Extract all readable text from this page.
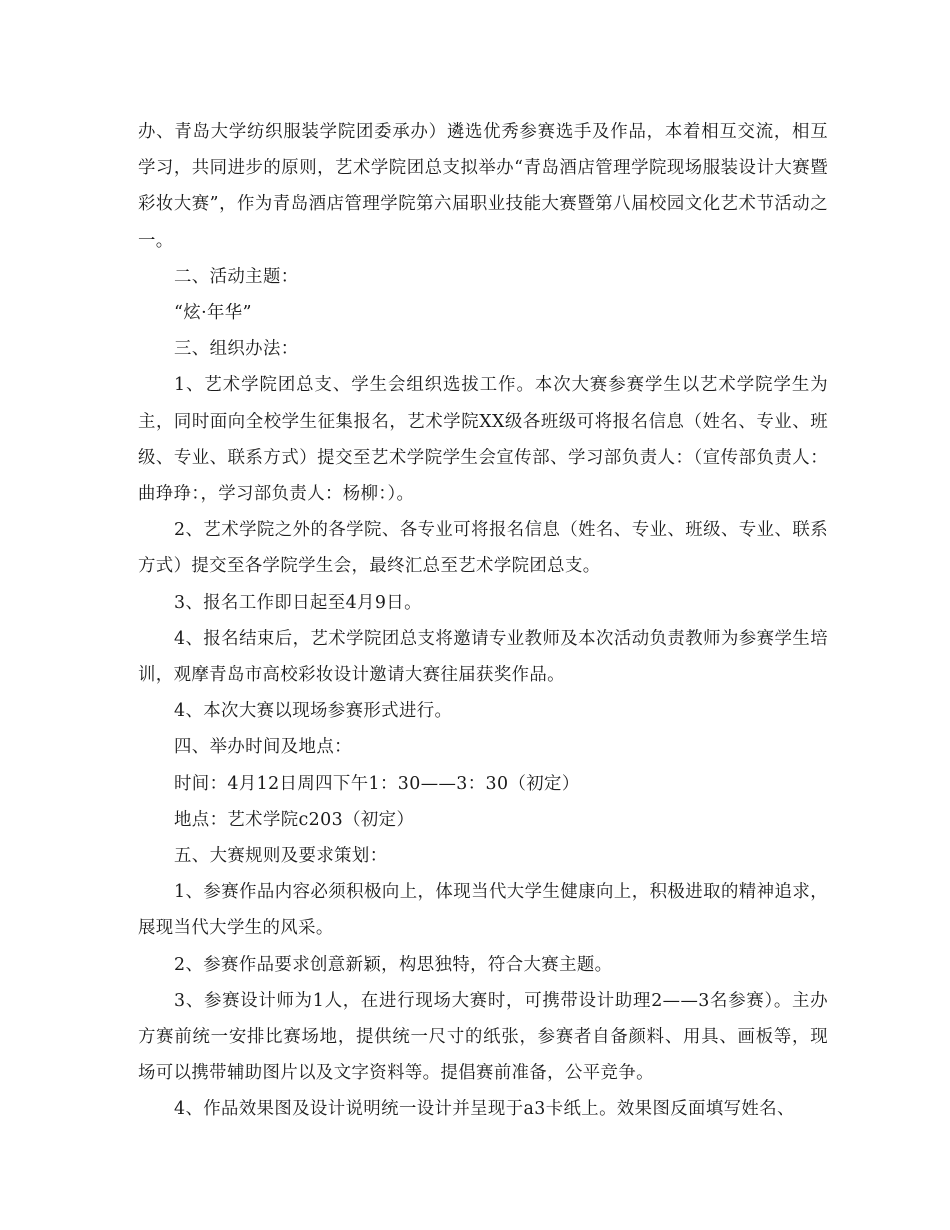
办、青岛大学纺织服装学院团委承办）遴选优秀参赛选手及作品，本着相互交流，相互学习，共同进步的原则，艺术学院团总支拟举办“青岛酒店管理学院现场服装设计大赛暨彩妆大赛”，作为青岛酒店管理学院第六届职业技能大赛暨第八届校园文化艺术节活动之一。

二、活动主题：

“炫·年华”

三、组织办法：

1、艺术学院团总支、学生会组织选拔工作。本次大赛参赛学生以艺术学院学生为主，同时面向全校学生征集报名，艺术学院XX级各班级可将报名信息（姓名、专业、班级、专业、联系方式）提交至艺术学院学生会宣传部、学习部负责人：（宣传部负责人：曲琤琤：，学习部负责人：杨柳：）。

2、艺术学院之外的各学院、各专业可将报名信息（姓名、专业、班级、专业、联系方式）提交至各学院学生会，最终汇总至艺术学院团总支。

3、报名工作即日起至4月9日。

4、报名结束后，艺术学院团总支将邀请专业教师及本次活动负责教师为参赛学生培训，观摩青岛市高校彩妆设计邀请大赛往届获奖作品。

4、本次大赛以现场参赛形式进行。

四、举办时间及地点：

时间：4月12日周四下午1：30——3：30（初定）

地点：艺术学院c203（初定）

五、大赛规则及要求策划：

1、参赛作品内容必须积极向上，体现当代大学生健康向上，积极进取的精神追求，展现当代大学生的风采。

2、参赛作品要求创意新颖，构思独特，符合大赛主题。

3、参赛设计师为1人，在进行现场大赛时，可携带设计助理2——3名参赛）。主办方赛前统一安排比赛场地，提供统一尺寸的纸张，参赛者自备颜料、用具、画板等，现场可以携带辅助图片以及文字资料等。提倡赛前准备，公平竞争。

4、作品效果图及设计说明统一设计并呈现于a3卡纸上。效果图反面填写姓名、
